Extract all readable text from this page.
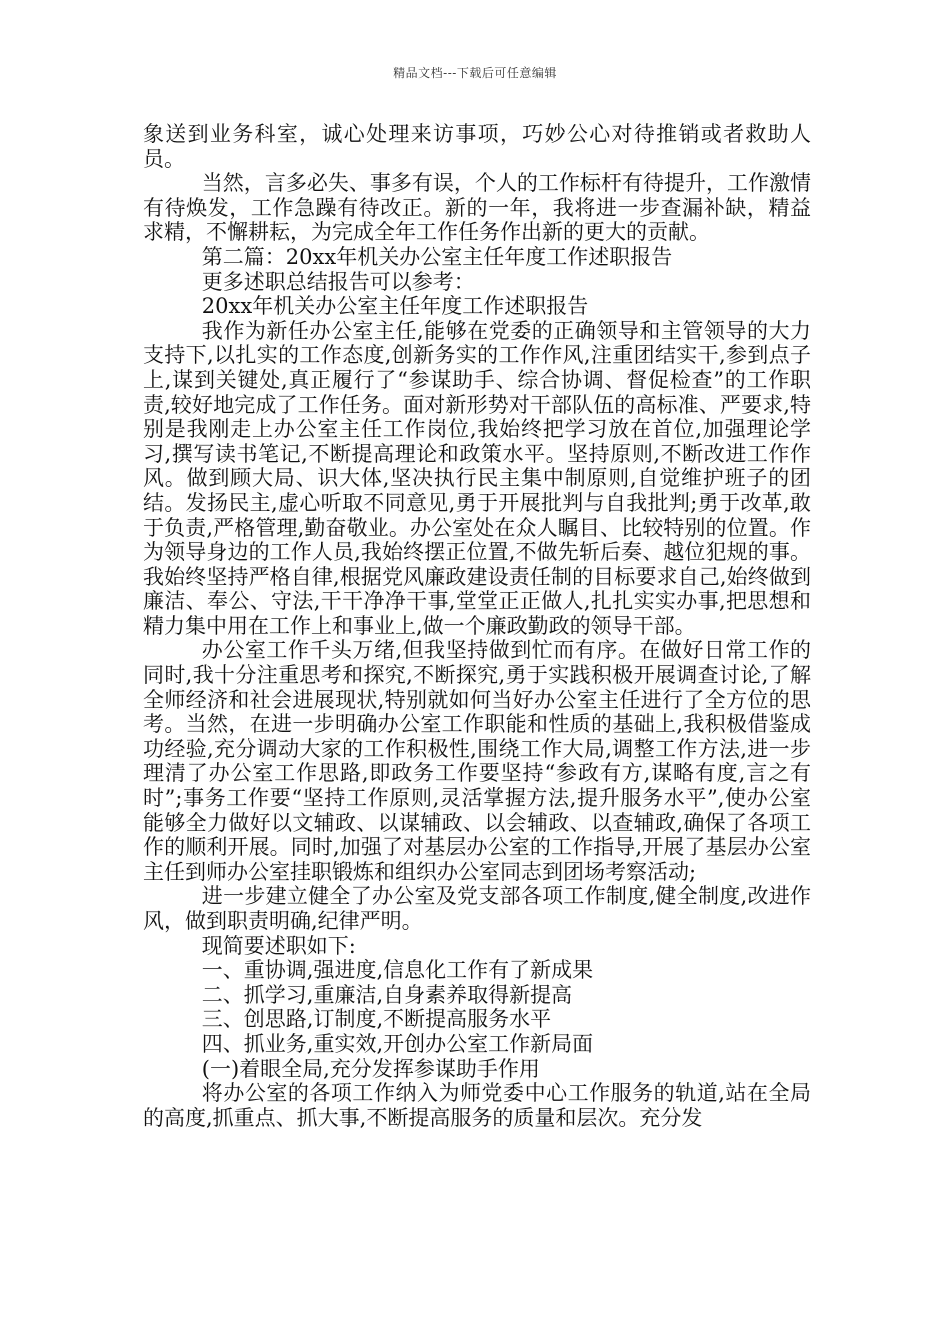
精品文档---下载后可任意编辑

象送到业务科室，诚心处理来访事项，巧妙公心对待推销或者救助人员。

当然，言多必失、事多有误，个人的工作标杆有待提升，工作激情有待焕发，工作急躁有待改正。新的一年，我将进一步查漏补缺，精益求精，不懈耕耘，为完成全年工作任务作出新的更大的贡献。

第二篇：20xx年机关办公室主任年度工作述职报告

更多述职总结报告可以参考：

20xx年机关办公室主任年度工作述职报告

我作为新任办公室主任,能够在党委的正确领导和主管领导的大力支持下,以扎实的工作态度,创新务实的工作作风,注重团结实干,参到点子上,谋到关键处,真正履行了“参谋助手、综合协调、督促检查”的工作职责,较好地完成了工作任务。面对新形势对干部队伍的高标准、严要求,特别是我刚走上办公室主任工作岗位,我始终把学习放在首位,加强理论学习,撰写读书笔记,不断提高理论和政策水平。坚持原则,不断改进工作作风。做到顾大局、识大体,坚决执行民主集中制原则,自觉维护班子的团结。发扬民主,虚心听取不同意见,勇于开展批判与自我批判;勇于改革,敢于负责,严格管理,勤奋敬业。办公室处在众人瞩目、比较特别的位置。作为领导身边的工作人员,我始终摆正位置,不做先斩后奏、越位犯规的事。我始终坚持严格自律,根据党风廉政建设责任制的目标要求自己,始终做到廉洁、奉公、守法,干干净净干事,堂堂正正做人,扎扎实实办事,把思想和精力集中用在工作上和事业上,做一个廉政勤政的领导干部。

办公室工作千头万绪,但我坚持做到忙而有序。在做好日常工作的同时,我十分注重思考和探究,不断探究,勇于实践积极开展调查讨论,了解全师经济和社会进展现状,特别就如何当好办公室主任进行了全方位的思考。当然，在进一步明确办公室工作职能和性质的基础上,我积极借鉴成功经验,充分调动大家的工作积极性,围绕工作大局,调整工作方法,进一步理清了办公室工作思路,即政务工作要坚持“参政有方,谋略有度,言之有时”;事务工作要“坚持工作原则,灵活掌握方法,提升服务水平”,使办公室能够全力做好以文辅政、以谋辅政、以会辅政、以查辅政,确保了各项工作的顺利开展。同时,加强了对基层办公室的工作指导,开展了基层办公室主任到师办公室挂职锻炼和组织办公室同志到团场考察活动;

进一步建立健全了办公室及党支部各项工作制度,健全制度,改进作风，做到职责明确,纪律严明。

现简要述职如下:

一、重协调,强进度,信息化工作有了新成果

二、抓学习,重廉洁,自身素养取得新提高

三、创思路,订制度,不断提高服务水平

四、抓业务,重实效,开创办公室工作新局面

(一)着眼全局,充分发挥参谋助手作用

将办公室的各项工作纳入为师党委中心工作服务的轨道,站在全局的高度,抓重点、抓大事,不断提高服务的质量和层次。充分发
